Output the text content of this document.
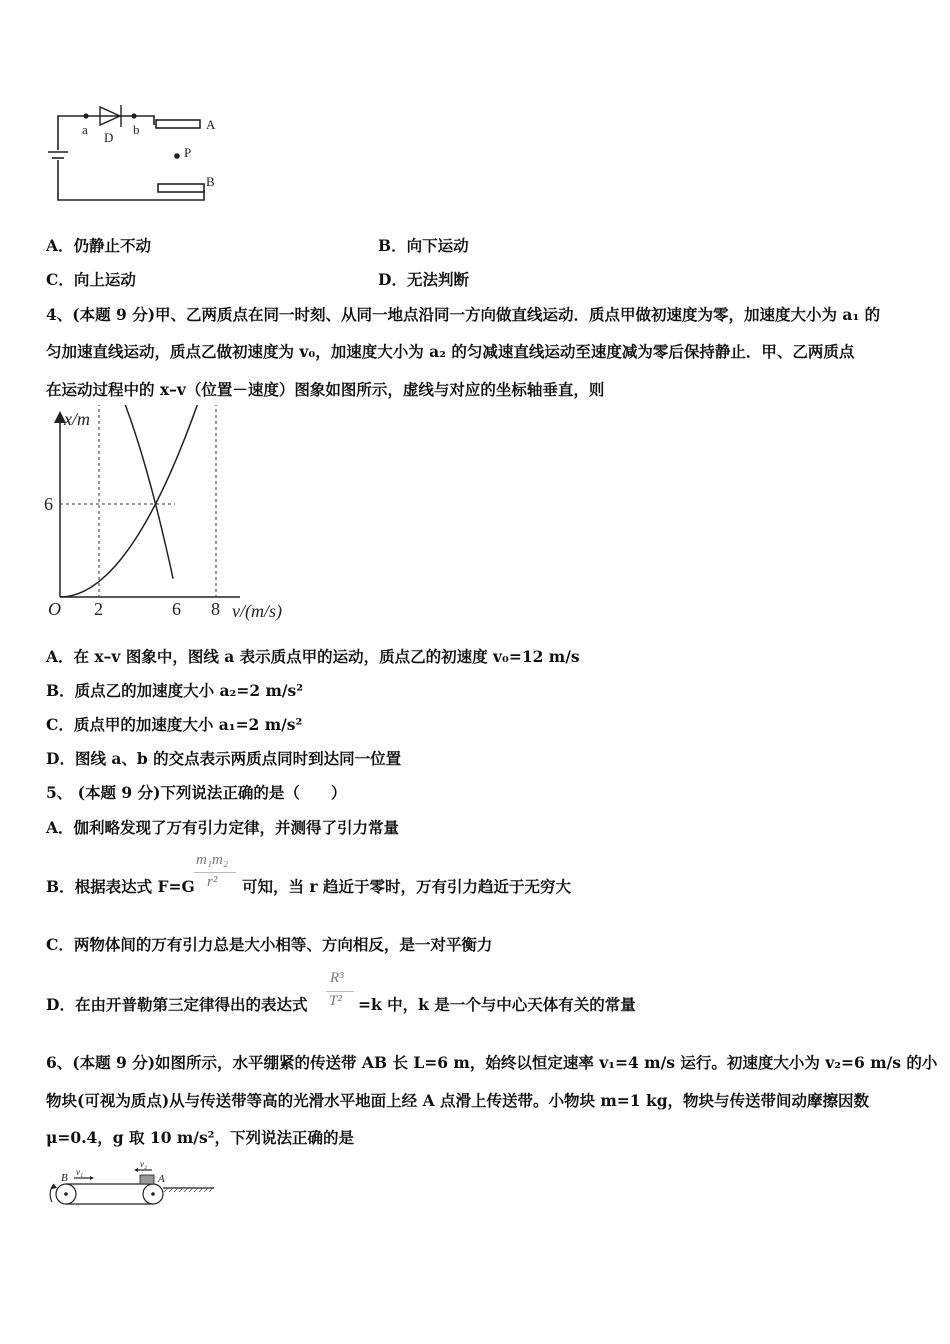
a
D
b	A
P
B
A．仍静止不动	B．向下运动
C．向上运动	D．无法判断
4、(本题 9 分)甲、乙两质点在同一时刻、从同一地点沿同一方向做直线运动．质点甲做初速度为零，加速度大小为 a₁ 的
匀加速直线运动，质点乙做初速度为 v₀，加速度大小为 a₂ 的匀减速直线运动至速度减为零后保持静止．甲、乙两质点
在运动过程中的 x–v（位置－速度）图象如图所示，虚线与对应的坐标轴垂直，则
2	6 8
6
x/m
v/(m/s)
O
A．在 x–v 图象中，图线 a 表示质点甲的运动，质点乙的初速度 v₀=12 m/s
B．质点乙的加速度大小 a₂=2 m/s²
C．质点甲的加速度大小 a₁=2 m/s²
D．图线 a、b 的交点表示两质点同时到达同一位置
5、 (本题 9 分)下列说法正确的是（　　）
A．伽利略发现了万有引力定律，并测得了引力常量
B．根据表达式 F=G
m₁m₂
r² 可知，当 r 趋近于零时，万有引力趋近于无穷大
C．两物体间的万有引力总是大小相等、方向相反，是一对平衡力
D．在由开普勒第三定律得出的表达式
R³
T² =k 中，k 是一个与中心天体有关的常量
6、(本题 9 分)如图所示，水平绷紧的传送带 AB 长 L=6 m，始终以恒定速率 v₁=4 m/s 运行。初速度大小为 v₂=6 m/s 的小
物块(可视为质点)从与传送带等高的光滑水平地面上经 A 点滑上传送带。小物块 m=1 kg，物块与传送带间动摩擦因数
μ=0.4，g 取 10 m/s²，下列说法正确的是
B	A
v₁
v₂
